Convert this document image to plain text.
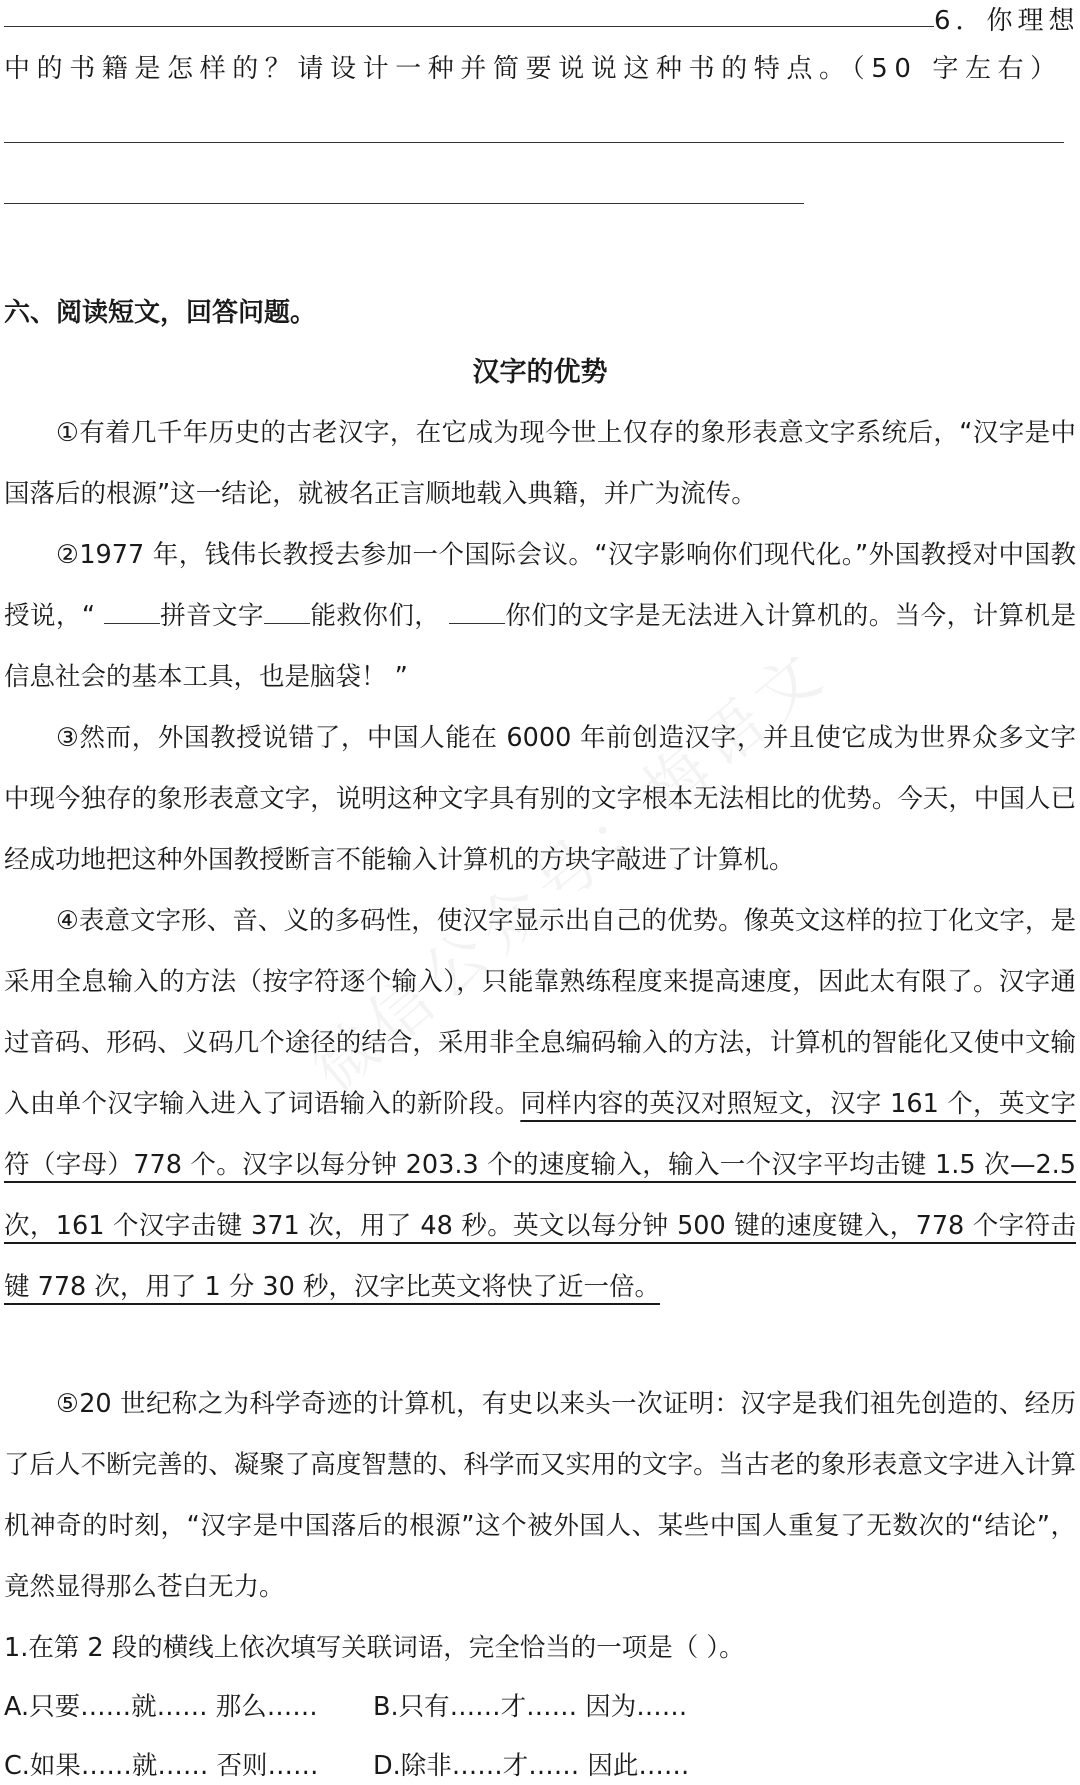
6．你理想
中的书籍是怎样的？请设计一种并简要说说这种书的特点。（50 字左右）
六、阅读短文，回答问题。
汉字的优势

①有着几千年历史的古老汉字，在它成为现今世上仅存的象形表意文字系统后，“汉字是中国落后的根源”这一结论，就被名正言顺地载入典籍，并广为流传。

②1977 年，钱伟长教授去参加一个国际会议。“汉字影响你们现代化。”外国教授对中国教授说，“ 拼音文字 能救你们， 你们的文字是无法进入计算机的。当今，计算机是信息社会的基本工具，也是脑袋！ ”

③然而，外国教授说错了，中国人能在 6000 年前创造汉字，并且使它成为世界众多文字中现今独存的象形表意文字，说明这种文字具有别的文字根本无法相比的优势。今天，中国人已经成功地把这种外国教授断言不能输入计算机的方块字敲进了计算机。

④表意文字形、音、义的多码性，使汉字显示出自己的优势。像英文这样的拉丁化文字，是采用全息输入的方法（按字符逐个输入），只能靠熟练程度来提高速度，因此太有限了。汉字通过音码、形码、义码几个途径的结合，采用非全息编码输入的方法，计算机的智能化又使中文输入由单个汉字输入进入了词语输入的新阶段。同样内容的英汉对照短文，汉字 161 个，英文字符（字母）778 个。汉字以每分钟 203.3 个的速度输入，输入一个汉字平均击键 1.5 次—2.5 次，161 个汉字击键 371 次，用了 48 秒。英文以每分钟 500 键的速度键入，778 个字符击键 778 次，用了 1 分 30 秒，汉字比英文将快了近一倍。

⑤20 世纪称之为科学奇迹的计算机，有史以来头一次证明：汉字是我们祖先创造的、经历了后人不断完善的、凝聚了高度智慧的、科学而又实用的文字。当古老的象形表意文字进入计算机神奇的时刻，“汉字是中国落后的根源”这个被外国人、某些中国人重复了无数次的“结论”，竟然显得那么苍白无力。

1.在第 2 段的横线上依次填写关联词语，完全恰当的一项是（ ）。
A.只要……就…… 那么…… B.只有……才…… 因为……
C.如果……就…… 否则…… D.除非……才…… 因此……
